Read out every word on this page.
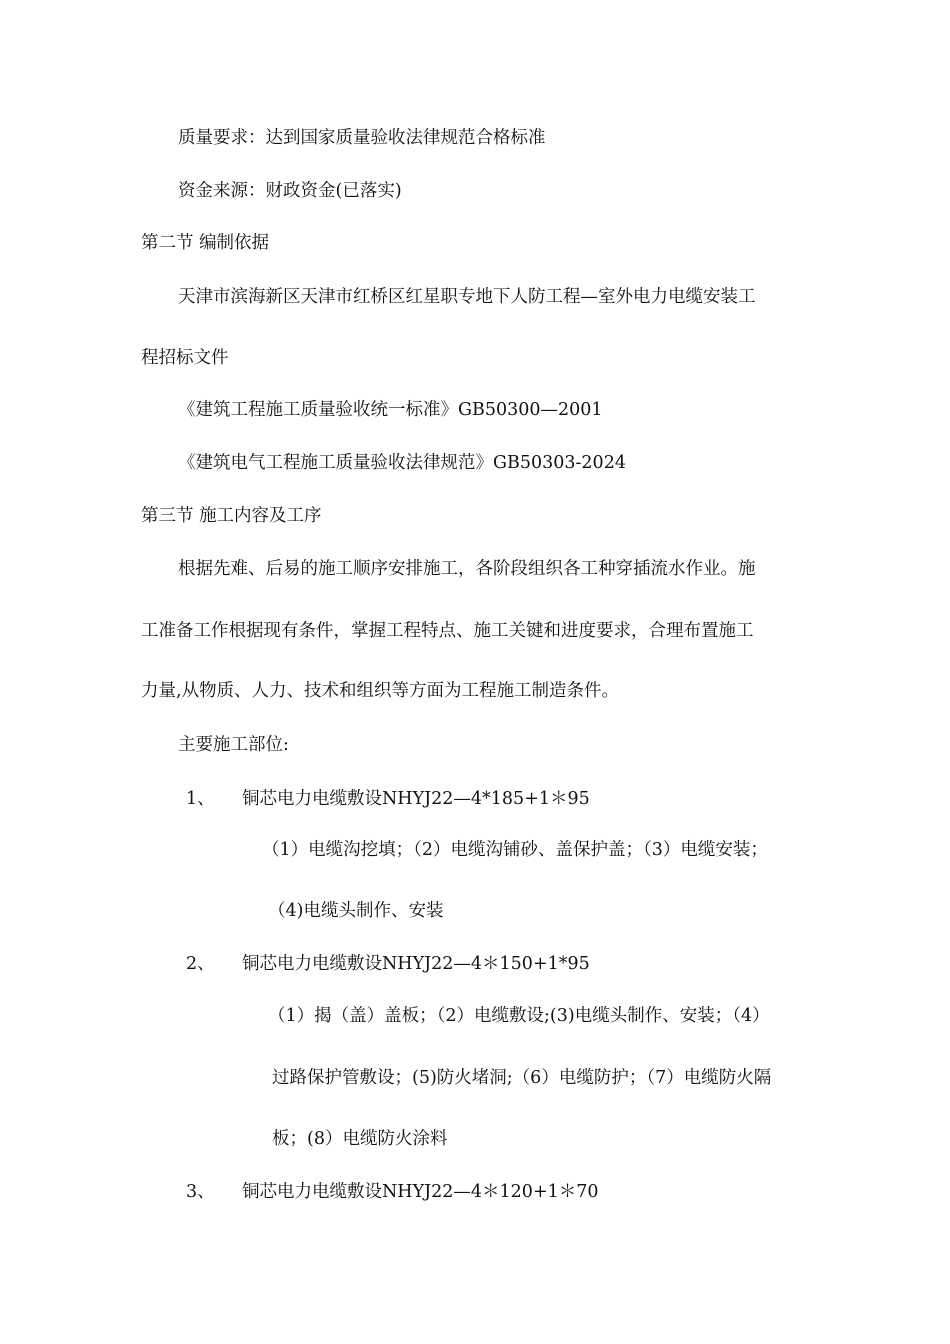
质量要求：达到国家质量验收法律规范合格标准
资金来源：财政资金(已落实)
第二节 编制依据
天津市滨海新区天津市红桥区红星职专地下人防工程—室外电力电缆安装工
程招标文件
《建筑工程施工质量验收统一标准》GB50300—2001
《建筑电气工程施工质量验收法律规范》GB50303-2024
第三节 施工内容及工序
根据先难、后易的施工顺序安排施工，各阶段组织各工种穿插流水作业。施
工准备工作根据现有条件，掌握工程特点、施工关键和进度要求，合理布置施工
力量,从物质、人力、技术和组织等方面为工程施工制造条件。
主要施工部位:
1、 铜芯电力电缆敷设NHYJ22—4*185+1＊95
（1）电缆沟挖填；（2）电缆沟铺砂、盖保护盖；（3）电缆安装；
（4)电缆头制作、安装
2、 铜芯电力电缆敷设NHYJ22—4＊150+1*95
（1）揭（盖）盖板；（2）电缆敷设;(3)电缆头制作、安装；（4）
过路保护管敷设；(5)防火堵洞;（6）电缆防护；（7）电缆防火隔
板；(8）电缆防火涂料
3、 铜芯电力电缆敷设NHYJ22—4＊120+1＊70
